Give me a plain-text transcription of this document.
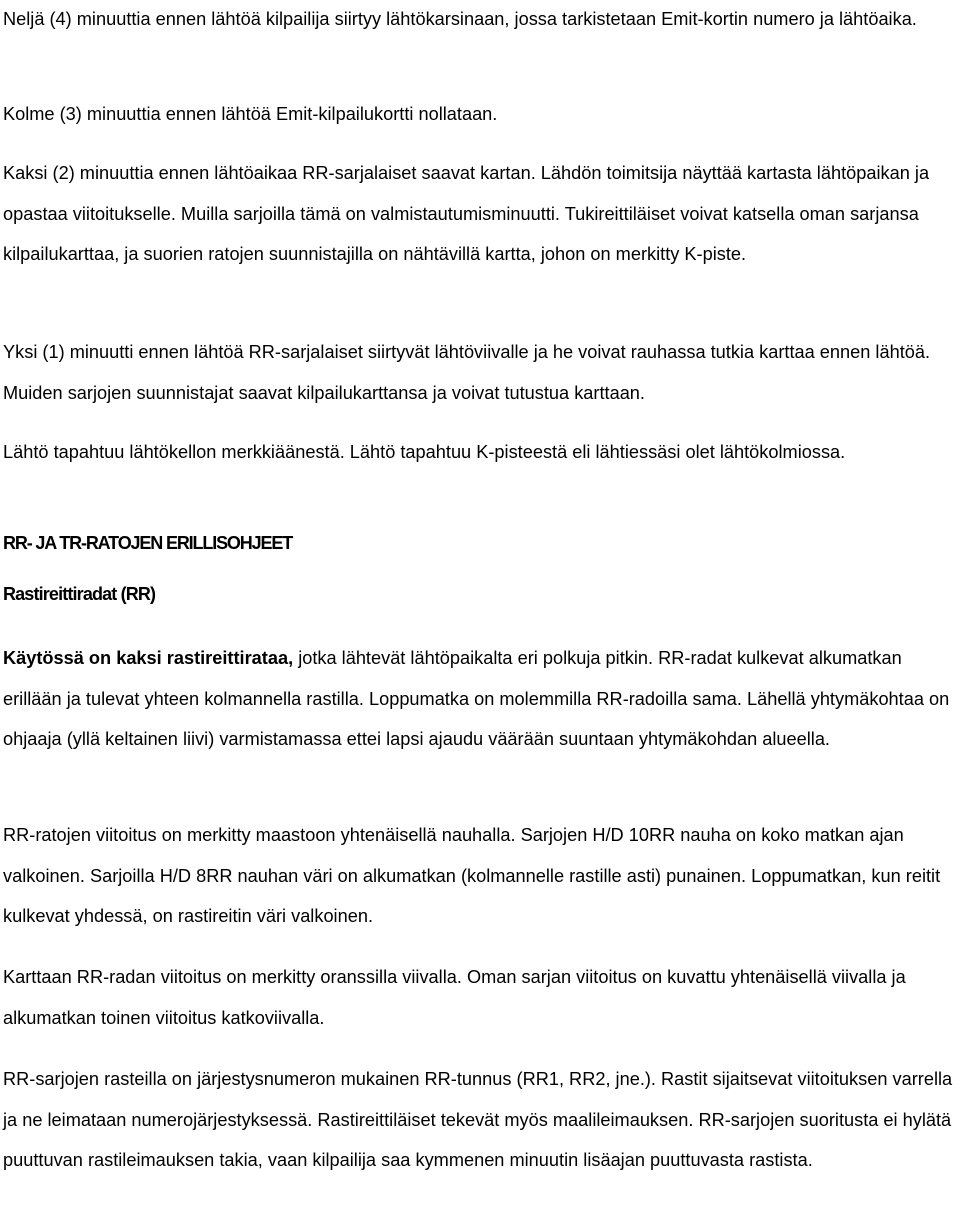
Neljä (4) minuuttia ennen lähtöä kilpailija siirtyy lähtökarsinaan, jossa tarkistetaan Emit-kortin numero ja lähtöaika.

Kolme (3) minuuttia ennen lähtöä Emit-kilpailukortti nollataan.

Kaksi (2) minuuttia ennen lähtöaikaa RR-sarjalaiset saavat kartan. Lähdön toimitsija näyttää kartasta lähtöpaikan ja opastaa viitoitukselle. Muilla sarjoilla tämä on valmistautumisminuutti. Tukireittiläiset voivat katsella oman sarjansa kilpailukarttaa, ja suorien ratojen suunnistajilla on nähtävillä kartta, johon on merkitty K-piste.

Yksi (1) minuutti ennen lähtöä RR-sarjalaiset siirtyvät lähtöviivalle ja he voivat rauhassa tutkia karttaa ennen lähtöä. Muiden sarjojen suunnistajat saavat kilpailukarttansa ja voivat tutustua karttaan.

Lähtö tapahtuu lähtökellon merkkiäänestä. Lähtö tapahtuu K-pisteestä eli lähtiessäsi olet lähtökolmiossa.

RR- JA TR-RATOJEN ERILLISOHJEET

Rastireittiradat (RR)

Käytössä on kaksi rastireittirataa, jotka lähtevät lähtöpaikalta eri polkuja pitkin. RR-radat kulkevat alkumatkan erillään ja tulevat yhteen kolmannella rastilla. Loppumatka on molemmilla RR-radoilla sama. Lähellä yhtymäkohtaa on ohjaaja (yllä keltainen liivi) varmistamassa ettei lapsi ajaudu väärään suuntaan yhtymäkohdan alueella.

RR-ratojen viitoitus on merkitty maastoon yhtenäisellä nauhalla. Sarjojen H/D 10RR nauha on koko matkan ajan valkoinen. Sarjoilla H/D 8RR nauhan väri on alkumatkan (kolmannelle rastille asti) punainen. Loppumatkan, kun reitit kulkevat yhdessä, on rastireitin väri valkoinen.

Karttaan RR-radan viitoitus on merkitty oranssilla viivalla. Oman sarjan viitoitus on kuvattu yhtenäisellä viivalla ja alkumatkan toinen viitoitus katkoviivalla.

RR-sarjojen rasteilla on järjestysnumeron mukainen RR-tunnus (RR1, RR2, jne.). Rastit sijaitsevat viitoituksen varrella ja ne leimataan numerojärjestyksessä. Rastireittiläiset tekevät myös maalileimauksen. RR-sarjojen suoritusta ei hylätä puuttuvan rastileimauksen takia, vaan kilpailija saa kymmenen minuutin lisäajan puuttuvasta rastista.
